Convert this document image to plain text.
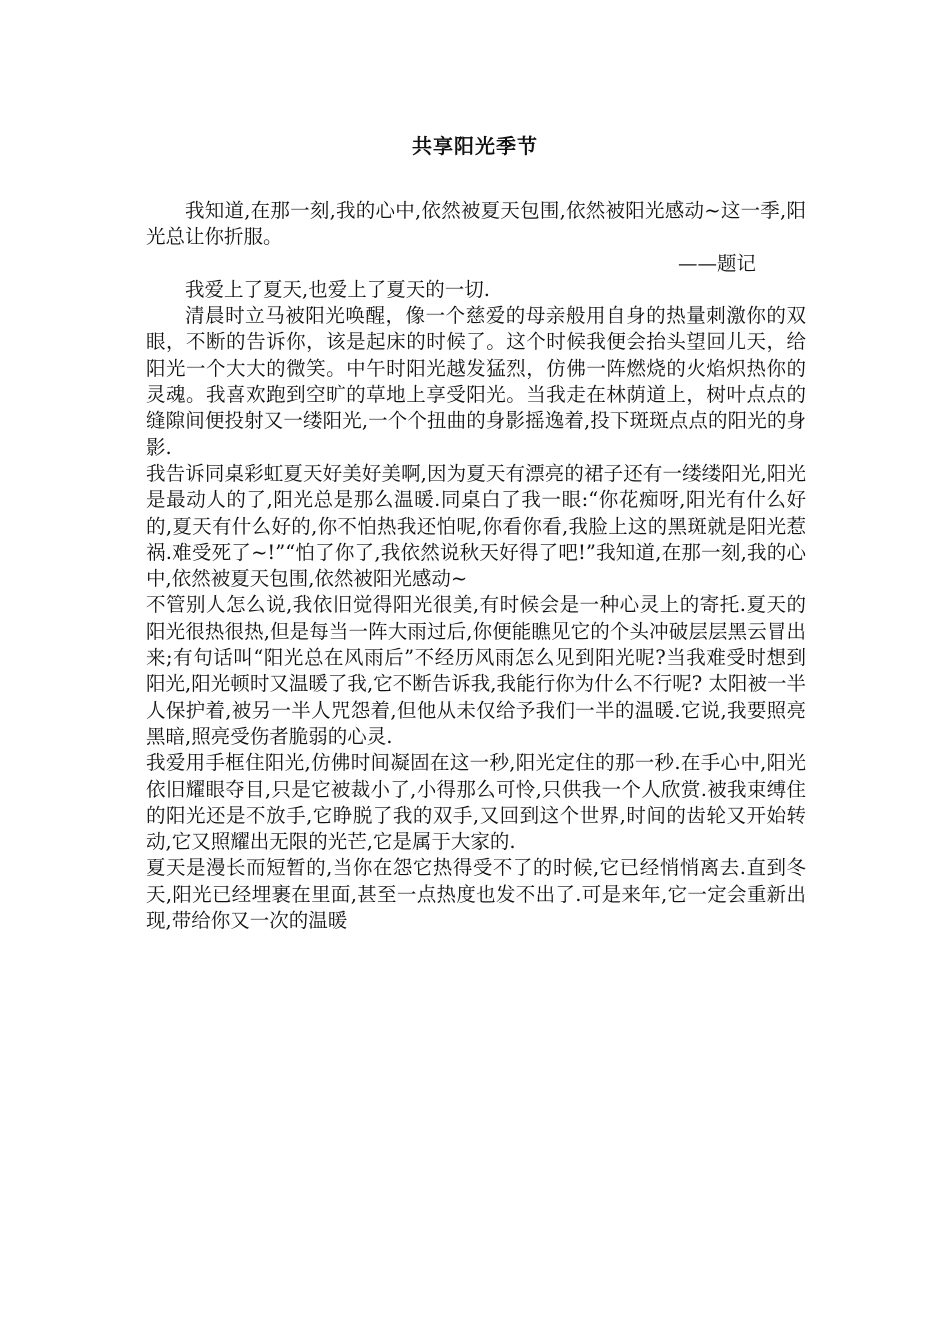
共享阳光季节

我知道,在那一刻,我的心中,依然被夏天包围,依然被阳光感动~这一季,阳光总让你折服。

——题记

我爱上了夏天,也爱上了夏天的一切.

清晨时立马被阳光唤醒，像一个慈爱的母亲般用自身的热量刺激你的双眼，不断的告诉你，该是起床的时候了。这个时候我便会抬头望回儿天，给阳光一个大大的微笑。中午时阳光越发猛烈，仿佛一阵燃烧的火焰炽热你的灵魂。我喜欢跑到空旷的草地上享受阳光。当我走在林荫道上，树叶点点的缝隙间便投射又一缕阳光,一个个扭曲的身影摇逸着,投下斑斑点点的阳光的身影.

我告诉同桌彩虹夏天好美好美啊,因为夏天有漂亮的裙子还有一缕缕阳光,阳光是最动人的了,阳光总是那么温暖.同桌白了我一眼:“你花痴呀,阳光有什么好的,夏天有什么好的,你不怕热我还怕呢,你看你看,我脸上这的黑斑就是阳光惹祸.难受死了~!”“怕了你了,我依然说秋天好得了吧!”我知道,在那一刻,我的心中,依然被夏天包围,依然被阳光感动~

不管别人怎么说,我依旧觉得阳光很美,有时候会是一种心灵上的寄托.夏天的阳光很热很热,但是每当一阵大雨过后,你便能瞧见它的个头冲破层层黑云冒出来;有句话叫“阳光总在风雨后”不经历风雨怎么见到阳光呢?当我难受时想到阳光,阳光顿时又温暖了我,它不断告诉我,我能行你为什么不行呢? 太阳被一半人保护着,被另一半人咒怨着,但他从未仅给予我们一半的温暖.它说,我要照亮黑暗,照亮受伤者脆弱的心灵.

我爱用手框住阳光,仿佛时间凝固在这一秒,阳光定住的那一秒.在手心中,阳光依旧耀眼夺目,只是它被裁小了,小得那么可怜,只供我一个人欣赏.被我束缚住的阳光还是不放手,它睁脱了我的双手,又回到这个世界,时间的齿轮又开始转动,它又照耀出无限的光芒,它是属于大家的.

夏天是漫长而短暂的,当你在怨它热得受不了的时候,它已经悄悄离去.直到冬天,阳光已经埋裹在里面,甚至一点热度也发不出了.可是来年,它一定会重新出现,带给你又一次的温暖
